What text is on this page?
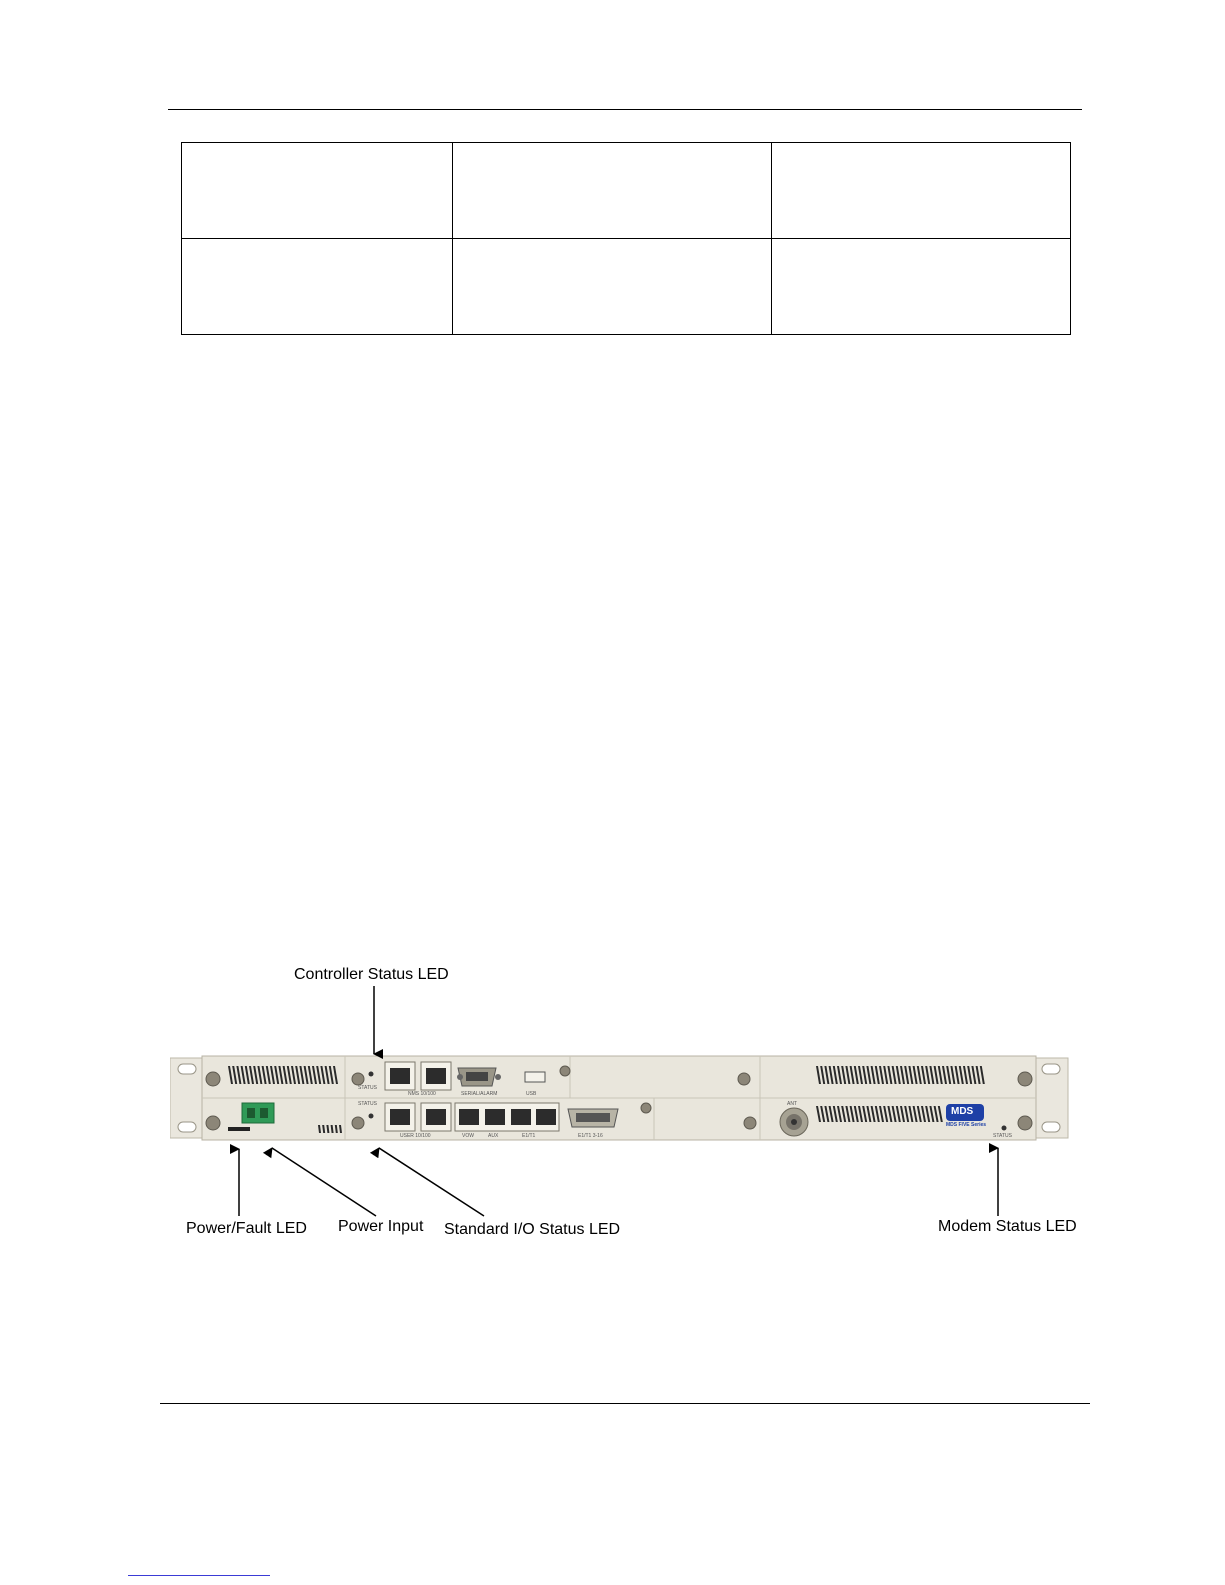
STATUS
NMS 10/100	SERIAL/ALARM	USB
STATUS
USER 10/100	VOW	AUX	E1/T1	E1/T1 3-16
ANT
STATUS
MDS
MDS FIVE Series
Controller Status LED
Power/Fault LED Power Input Standard I/O Status LED	Modem Status LED
